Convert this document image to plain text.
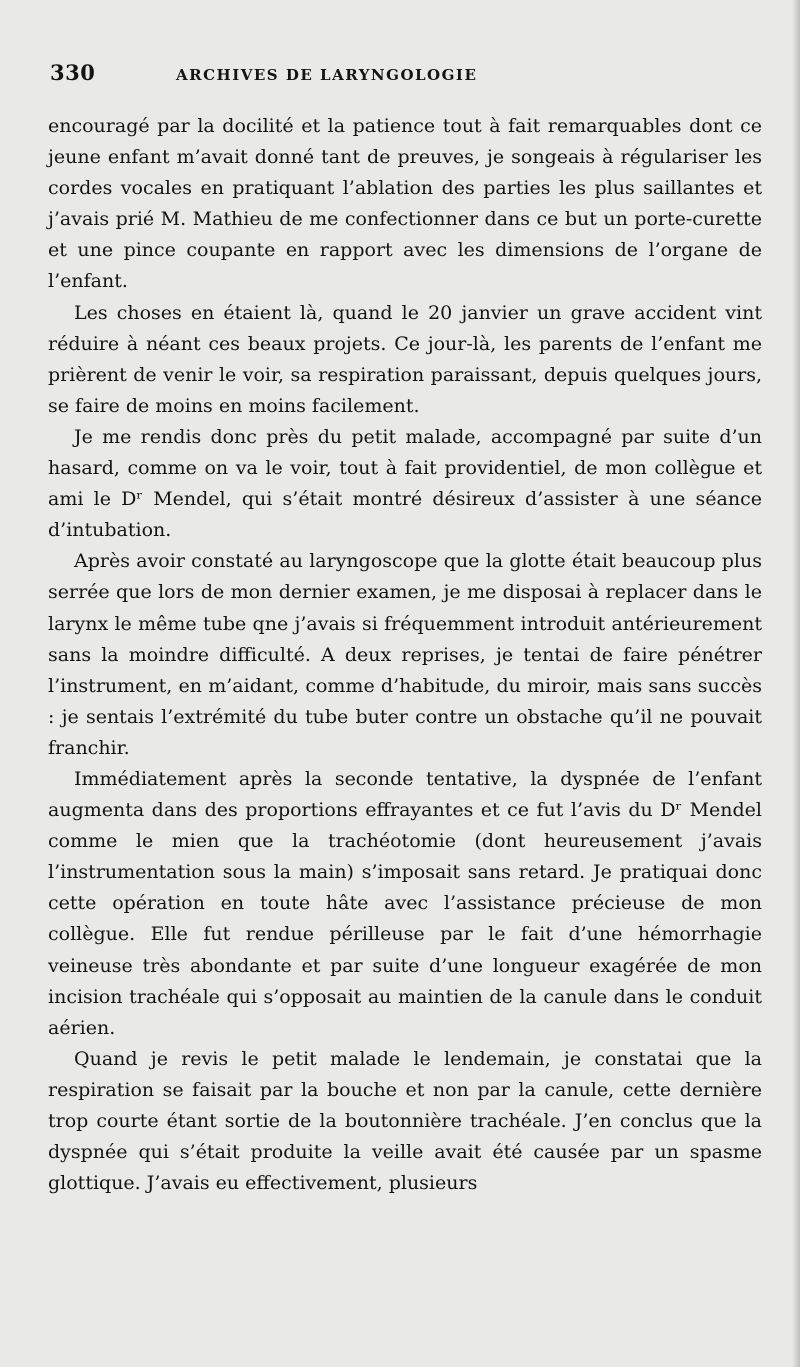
330	ARCHIVES DE LARYNGOLOGIE

encouragé par la docilité et la patience tout à fait remarquables dont ce jeune enfant m’avait donné tant de preuves, je songeais à régulariser les cordes vocales en pratiquant l’ablation des parties les plus saillantes et j’avais prié M. Mathieu de me confectionner dans ce but un porte-curette et une pince coupante en rapport avec les dimensions de l’organe de l’enfant.

Les choses en étaient là, quand le 20 janvier un grave accident vint réduire à néant ces beaux projets. Ce jour-là, les parents de l’enfant me prièrent de venir le voir, sa respiration paraissant, depuis quelques jours, se faire de moins en moins facilement.

Je me rendis donc près du petit malade, accompagné par suite d’un hasard, comme on va le voir, tout à fait providentiel, de mon collègue et ami le Dʳ Mendel, qui s’était montré désireux d’assister à une séance d’intubation.

Après avoir constaté au laryngoscope que la glotte était beaucoup plus serrée que lors de mon dernier examen, je me disposai à replacer dans le larynx le même tube qne j’avais si fréquemment introduit antérieurement sans la moindre difficulté. A deux reprises, je tentai de faire pénétrer l’instrument, en m’aidant, comme d’habitude, du miroir, mais sans succès : je sentais l’extrémité du tube buter contre un obstache qu’il ne pouvait franchir.

Immédiatement après la seconde tentative, la dyspnée de l’enfant augmenta dans des proportions effrayantes et ce fut l’avis du Dʳ Mendel comme le mien que la trachéotomie (dont heureusement j’avais l’instrumentation sous la main) s’imposait sans retard. Je pratiquai donc cette opération en toute hâte avec l’assistance précieuse de mon collègue. Elle fut rendue périlleuse par le fait d’une hémorrhagie veineuse très abondante et par suite d’une longueur exagérée de mon incision trachéale qui s’opposait au maintien de la canule dans le conduit aérien.

Quand je revis le petit malade le lendemain, je constatai que la respiration se faisait par la bouche et non par la canule, cette dernière trop courte étant sortie de la boutonnière trachéale. J’en conclus que la dyspnée qui s’était produite la veille avait été causée par un spasme glottique. J’avais eu effectivement, plusieurs
